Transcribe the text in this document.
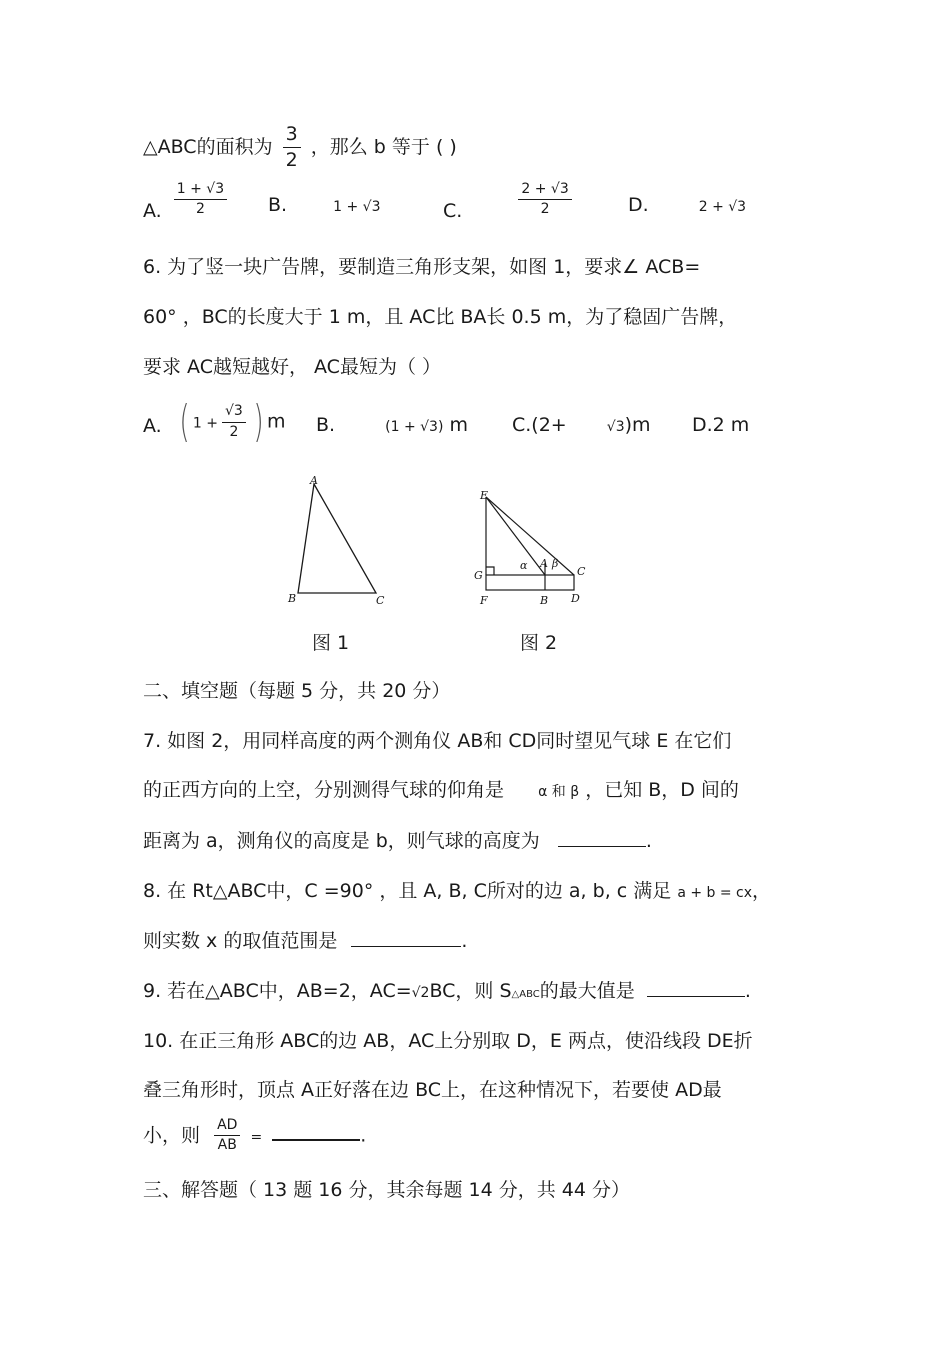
△ABC的面积为 $\frac{3}{2}$ ，那么 b 等于 ( )
A. $\frac{1 + √3}{2} B$.	1 + √3	C.	$\frac{2 + √3}{2}$	D.	2 + √3
6. 为了竖一块广告牌，要制造三角形支架，如图 1，要求∠ ACB=
60° ，BC的长度大于 1 m，且 AC比 BA长 0.5 m，为了稳固广告牌，
要求 AC越短越好， AC最短为（ ）
A. ( $1 + \frac{√3}{2}$ ) m B.	(1 + √3) m C.(2+	√3)m D.2 m
A
B	C
图 1
E
G
F	B D
C
A
α β
图 2
二、填空题（每题 5 分，共 20 分）
7. 如图 2，用同样高度的两个测角仪 AB和 CD同时望见气球 E 在它们
的正西方向的上空，分别测得气球的仰角是 α 和 β ，已知 B，D 间的
距离为 a，测角仪的高度是 b，则气球的高度为	.
8. 在 Rt△ABC中，C =90° ，且 A, B, C所对的边 a, b, c 满足 a + b = cx，
则实数 x 的取值范围是	.
9. 若在△ABC中，AB=2，AC=√2BC，则 S△ABC的最大值是	.
10. 在正三角形 ABC的边 AB，AC上分别取 D，E 两点，使沿线段 DE折
叠三角形时，顶点 A正好落在边 BC上，在这种情况下，若要使 AD最
小，则 $\frac{AD}{AB}$ =	.
三、解答题（ 13 题 16 分，其余每题 14 分，共 44 分）
